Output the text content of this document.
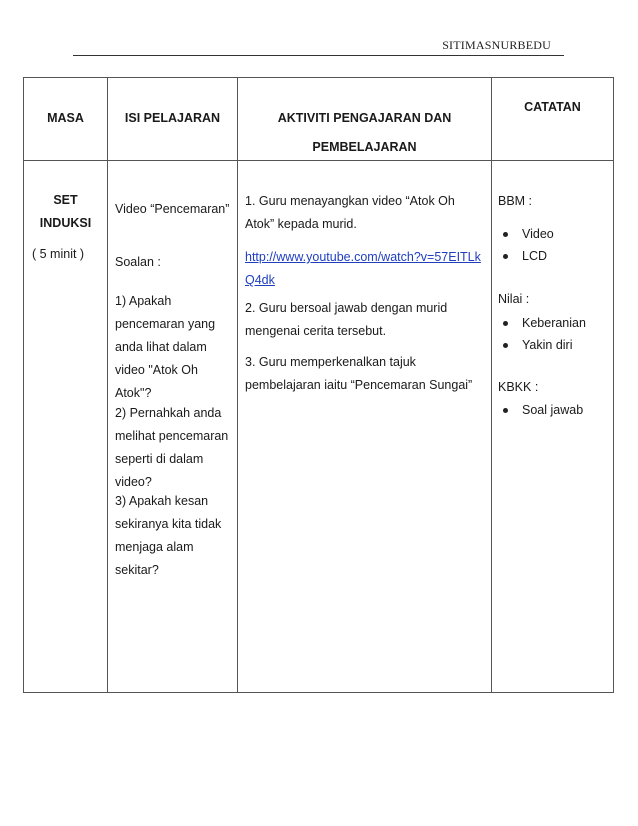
SITIMASNURBEDU
MASA	ISI PELAJARAN	AKTIVITI PENGAJARAN DAN
PEMBELAJARAN
CATATAN
SET
INDUKSI
( 5 minit )
Video “Pencemaran”
Soalan :
1) Apakah
pencemaran yang
anda lihat dalam
video "Atok Oh
Atok"?
2) Pernahkah anda
melihat pencemaran
seperti di dalam
video?
3) Apakah kesan
sekiranya kita tidak
menjaga alam
sekitar?
1. Guru menayangkan video “Atok Oh
Atok” kepada murid.
http://www.youtube.com/watch?v=57EITLk
Q4dk
2. Guru bersoal jawab dengan murid
mengenai cerita tersebut.
3. Guru memperkenalkan tajuk
pembelajaran iaitu “Pencemaran Sungai”
BBM :
Video
LCD
Nilai :
Keberanian
Yakin diri
KBKK :
Soal jawab
